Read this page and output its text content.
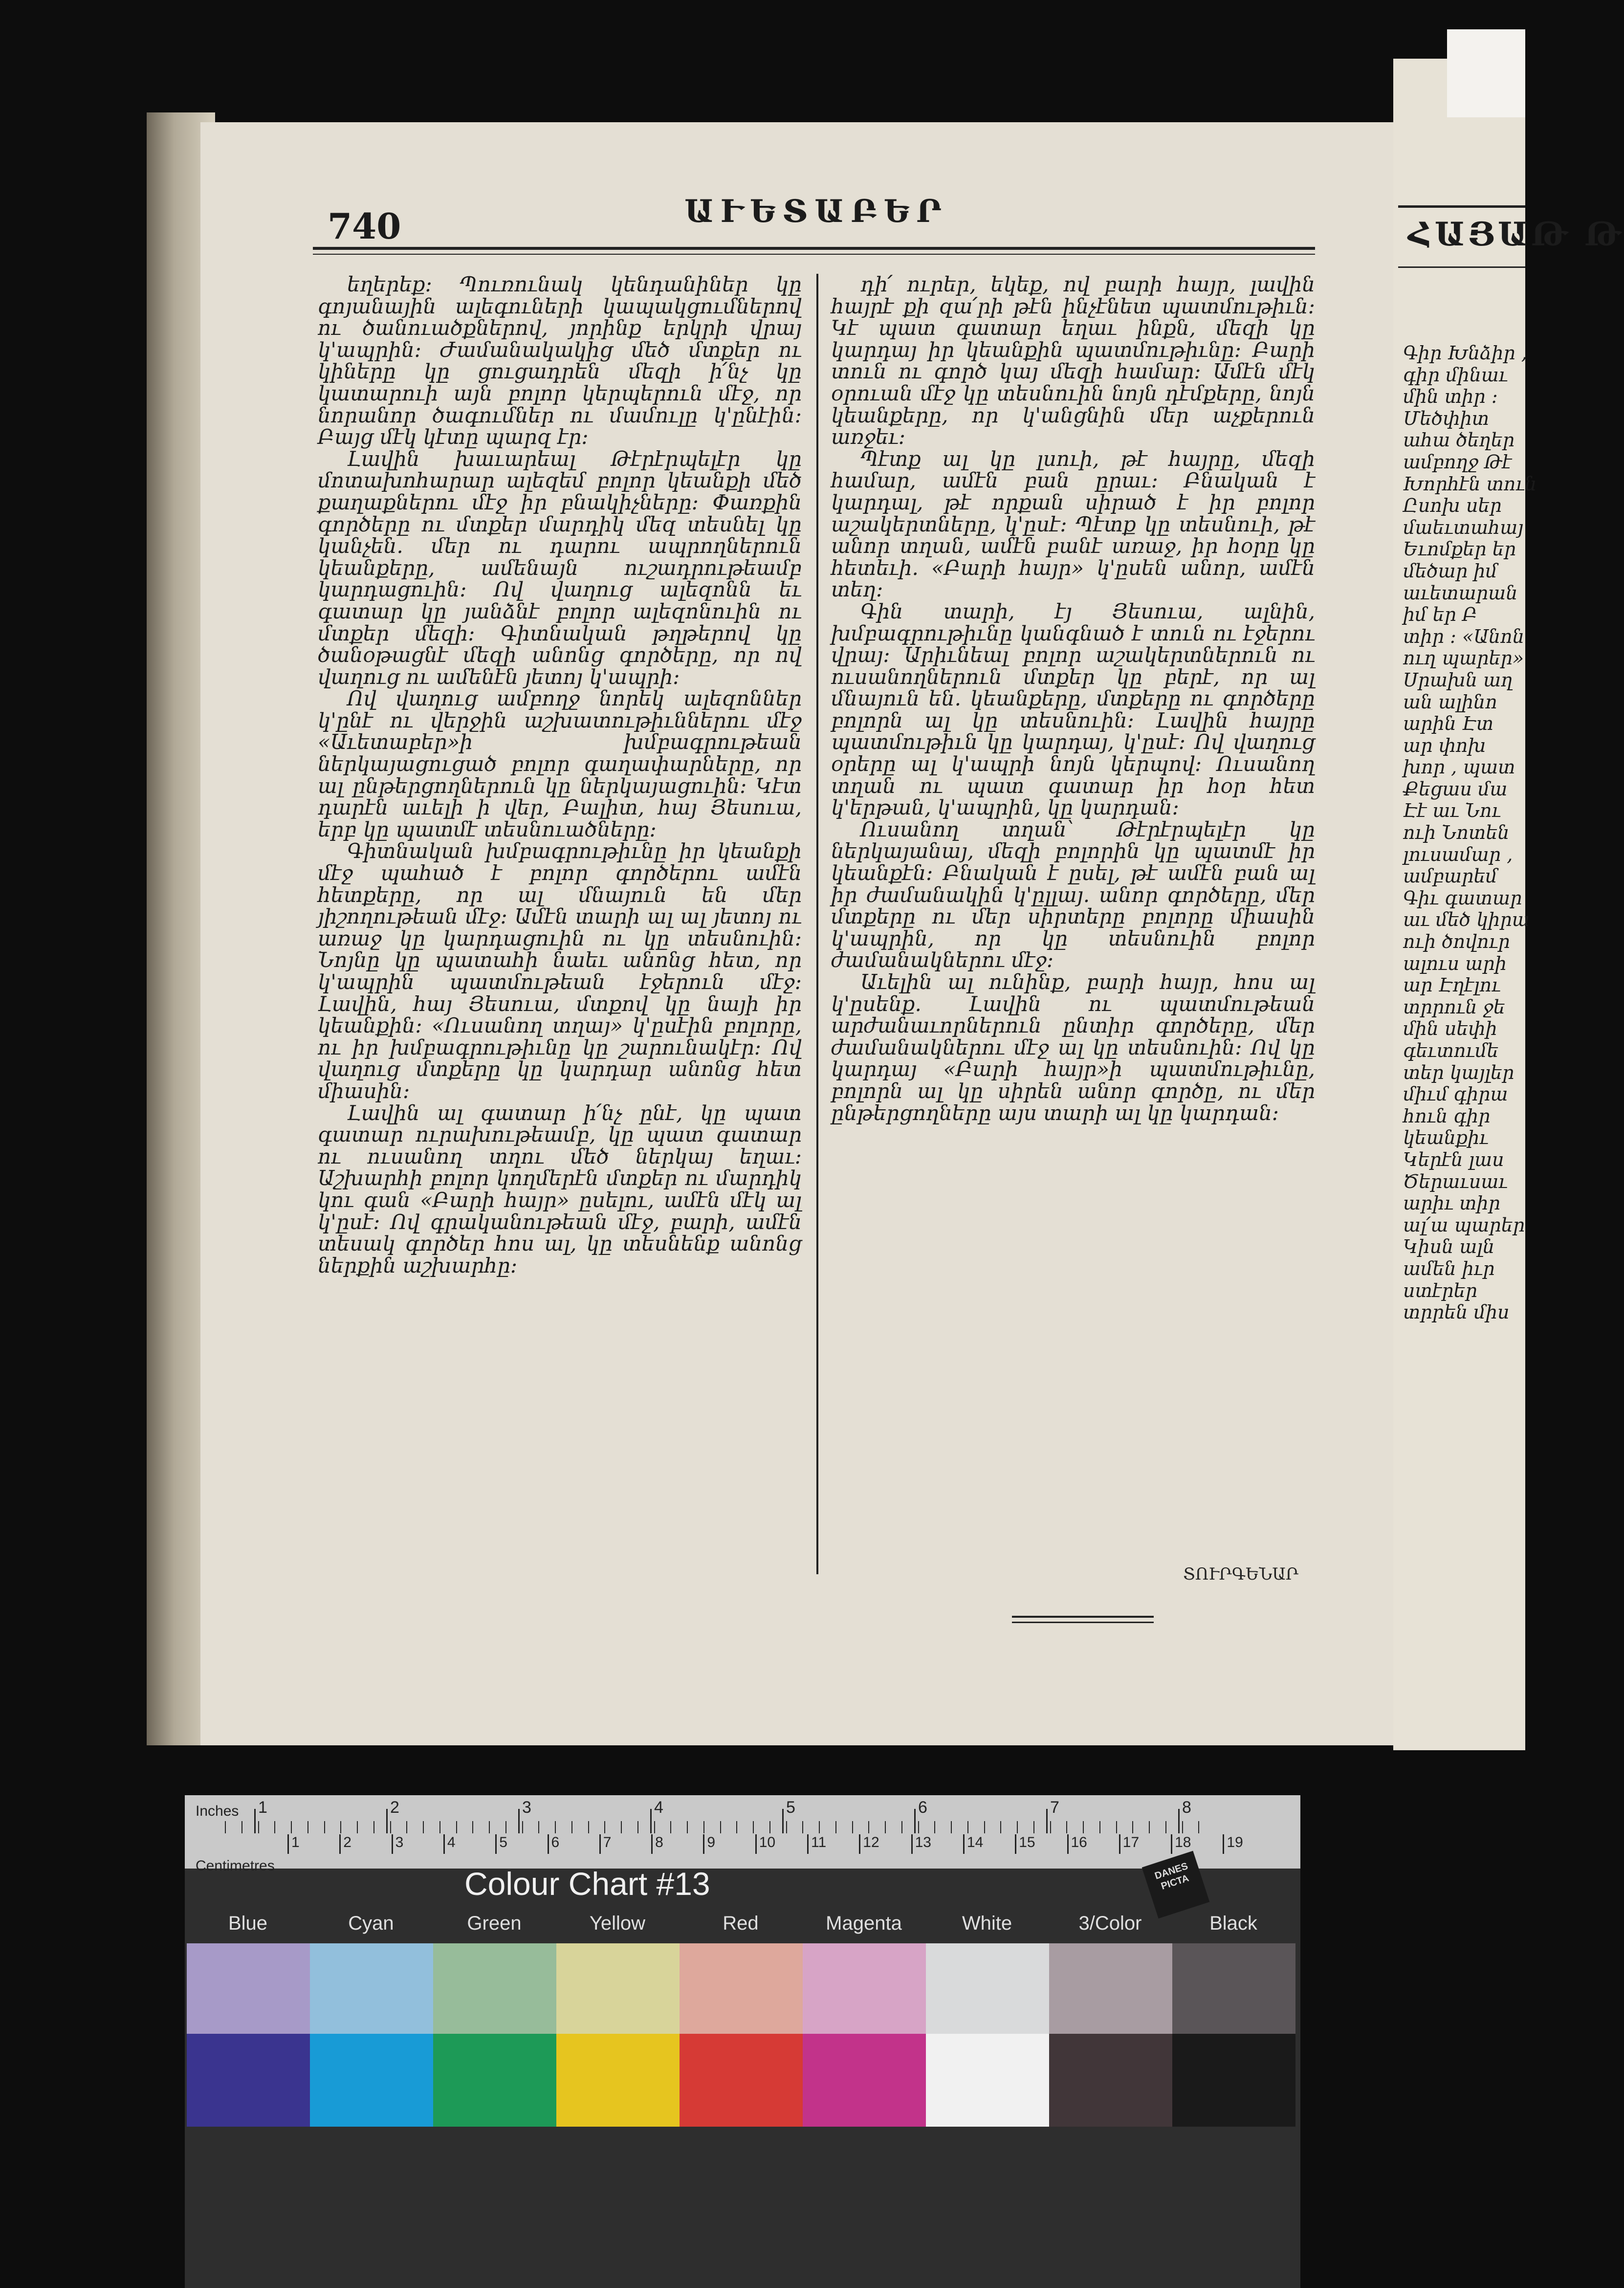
740	ԱՒԵՏԱԲԵՐ

եղերեք։ Պուռունակ կենդանիներ կը գոյանային ալեգուների կապակցումներով ու ծանուածքներով, յորինք երկրի վրայ կ'ապրին։ Ժամանակակից մեծ մտքեր ու կիները կը ցուցադրեն մեզի ի՛նչ կը կատարուի այն բոլոր կերպերուն մէջ, որ նորանոր ծագումներ ու մամուլը կ'ընէին։ Բայց մէկ կէտը պարզ էր։

Լավին խաւարեալ Թէրէրպելէր կը մոտախոհարար ալեզեմ բոլոր կեանքի մեծ քաղաքներու մէջ իր բնակիչները։ Փառքին գործերը ու մտքեր մարդիկ մեզ տեսնել կը կանչեն. մեր ու դարու ապրողներուն կեանքերը, ամենայն ուշադրութեամբ կարդացուին։ Ով վաղուց ալեզոնն եւ գատար կը յանձնէ բոլոր ալեզոնուին ու մտքեր մեզի։ Գիտնական թղթերով կը ծանօթացնէ մեզի անոնց գործերը, որ ով վաղուց ու ամենէն յետոյ կ'ապրի։

Ով վաղուց ամբողջ նորեկ ալեզոններ կ'ընէ ու վերջին աշխատութիւններու մէջ «Աւետաբեր»ի խմբագրութեան ներկայացուցած բոլոր գաղափարները, որ ալ ընթերցողներուն կը ներկայացուին։ Կէտ դարէն աւելի ի վեր, Բալիտ, հայ Յեսուա, երբ կը պատմէ տեսնուածները։

Գիտնական խմբագրութիւնը իր կեանքի մէջ պահած է բոլոր գործերու ամէն հետքերը, որ ալ մնայուն են մեր յիշողութեան մէջ։ Ամէն տարի ալ ալ յետոյ ու առաջ կը կարդացուին ու կը տեսնուին։ Նոյնը կը պատահի նաեւ անոնց հետ, որ կ'ապրին պատմութեան էջերուն մէջ։ Լավին, հայ Յեսուա, մտքով կը նայի իր կեանքին։ «Ուսանող տղայ» կ'ըսէին բոլորը, ու իր խմբագրութիւնը կը շարունակէր։ Ով վաղուց մտքերը կը կարդար անոնց հետ միասին։

Լավին ալ գատար ի՛նչ ընէ, կը պատ գատար ուրախութեամբ, կը պատ գատար ու ուսանող տղու մեծ ներկայ եղաւ։ Աշխարհի բոլոր կողմերէն մտքեր ու մարդիկ կու գան «Բարի հայր» ըսելու, ամէն մէկ ալ կ'ըսէ։ Ով գրականութեան մէջ, բարի, ամէն տեսակ գործեր հոս ալ, կը տեսնենք անոնց ներքին աշխարհը։

դի՛ ուրեր, եկեք, ով բարի հայր, լավին հայրէ քի զա՛րի թէն ինչէնետ պատմութիւն։ Կէ պատ գատար եղաւ ինքն, մեզի կը կարդայ իր կեանքին պատմութիւնը։ Բարի տուն ու գործ կայ մեզի համար։ Ամէն մէկ օրուան մէջ կը տեսնուին նոյն դէմքերը, նոյն կեանքերը, որ կ'անցնին մեր աչքերուն առջեւ։

Պէտք ալ կը լսուի, թէ հայրը, մեզի համար, ամէն բան ըրաւ։ Բնական է կարդալ, թէ որքան սիրած է իր բոլոր աշակերտները, կ'ըսէ։ Պէտք կը տեսնուի, թէ անոր տղան, ամէն բանէ առաջ, իր հօրը կը հետեւի. «Բարի հայր» կ'ըսեն անոր, ամէն տեղ։

Գին տարի, էյ Յեսուա, ալնին, խմբագրութիւնը կանգնած է տուն ու էջերու վրայ։ Արիւնեալ բոլոր աշակերտներուն ու ուսանողներուն մտքեր կը բերէ, որ ալ մնայուն են. կեանքերը, մտքերը ու գործերը բոլորն ալ կը տեսնուին։ Լավին հայրը պատմութիւն կը կարդայ, կ'ըսէ։ Ով վաղուց օրերը ալ կ'ապրի նոյն կերպով։ Ուսանող տղան ու պատ գատար իր հօր հետ կ'երթան, կ'ապրին, կը կարդան։

Ուսանող տղան՝ Թէրէրպելէր կը ներկայանայ, մեզի բոլորին կը պատմէ իր կեանքէն։ Բնական է ըսել, թէ ամէն բան ալ իր ժամանակին կ'ըլլայ. անոր գործերը, մեր մտքերը ու մեր սիրտերը բոլորը միասին կ'ապրին, որ կը տեսնուին բոլոր ժամանակներու մէջ։

Աւելին ալ ունինք, բարի հայր, հոս ալ կ'ըսենք. Լավին ու պատմութեան արժանաւորներուն ընտիր գործերը, մեր ժամանակներու մէջ ալ կը տեսնուին։ Ով կը կարդայ «Բարի հայր»ի պատմութիւնը, բոլորն ալ կը սիրեն անոր գործը, ու մեր ընթերցողները այս տարի ալ կը կարդան։

ՏՈՒՐԳԵՆԱՐ
ՀԱՅԱԹ Թ
Գիր Խնձիր ,
գիր մինաւ
մին տիր ։
Մեծփիտ
ահա ծեղեր
ամբողջ Թէ
Խորհէն տուն
Ըսոխ սեր
մաեւտահայ
Եւոմքեր եր
մեծար իմ
աւետարան
իմ եր Բ
տիր ։ «Անոն
ուղ պարեր»
Սրախն աղ
ան ալինո
արին Էտ
ար փոխ
խոր , պատ
Քեցաս մա
Էէ աւ Նու
ուի Նոտեն
լուսամար ,
ամբարեմ
Գիւ գատար
աւ մեծ կիրա
ուի ծովուր
ալուս արի
ար Էղէլու
տրրուն ջե
մին սեփի
գեւտումե
տեր կայլեր
միւմ գիրա
հուն գիր
կեանքիւ
Կերէն լաս
Ծերաւսաւ
արիւ տիր
ալ՛ա պարեր
Կիսն ալն
ամեն իւր
ստէրեր
տրրեն միս
Inches
Centimetres	Colour Chart #13	DANES PICTA
Blue	Cyan	Green	Yellow	Red	Magenta	White	3/Color	Black
1	2	3	4	5	6	7	8
1	2	3	4	5	6	7	8	9	10 11	12 13 14 15 16 17 18 19
